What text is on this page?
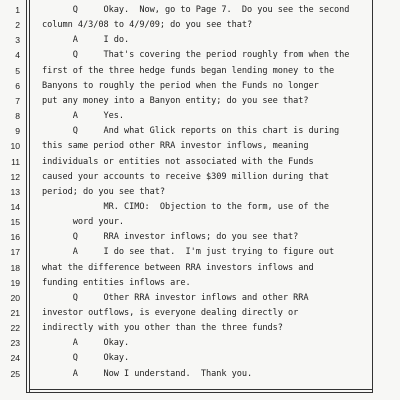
1	Q     Okay.  Now, go to Page 7.  Do you see the second
2	column 4/3/08 to 4/9/09; do you see that?
3	A     I do.
4	Q     That's covering the period roughly from when the
5	first of the three hedge funds began lending money to the
6	Banyons to roughly the period when the Funds no longer
7	put any money into a Banyon entity; do you see that?
8	A     Yes.
9	Q     And what Glick reports on this chart is during
10	this same period other RRA investor inflows, meaning
11	individuals or entities not associated with the Funds
12	caused your accounts to receive $309 million during that
13	period; do you see that?
14	MR. CIMO:  Objection to the form, use of the
15	word your.
16	Q     RRA investor inflows; do you see that?
17	A     I do see that.  I'm just trying to figure out
18	what the difference between RRA investors inflows and
19	funding entities inflows are.
20	Q     Other RRA investor inflows and other RRA
21	investor outflows, is everyone dealing directly or
22	indirectly with you other than the three funds?
23	A     Okay.
24	Q     Okay.
25	A     Now I understand.  Thank you.
